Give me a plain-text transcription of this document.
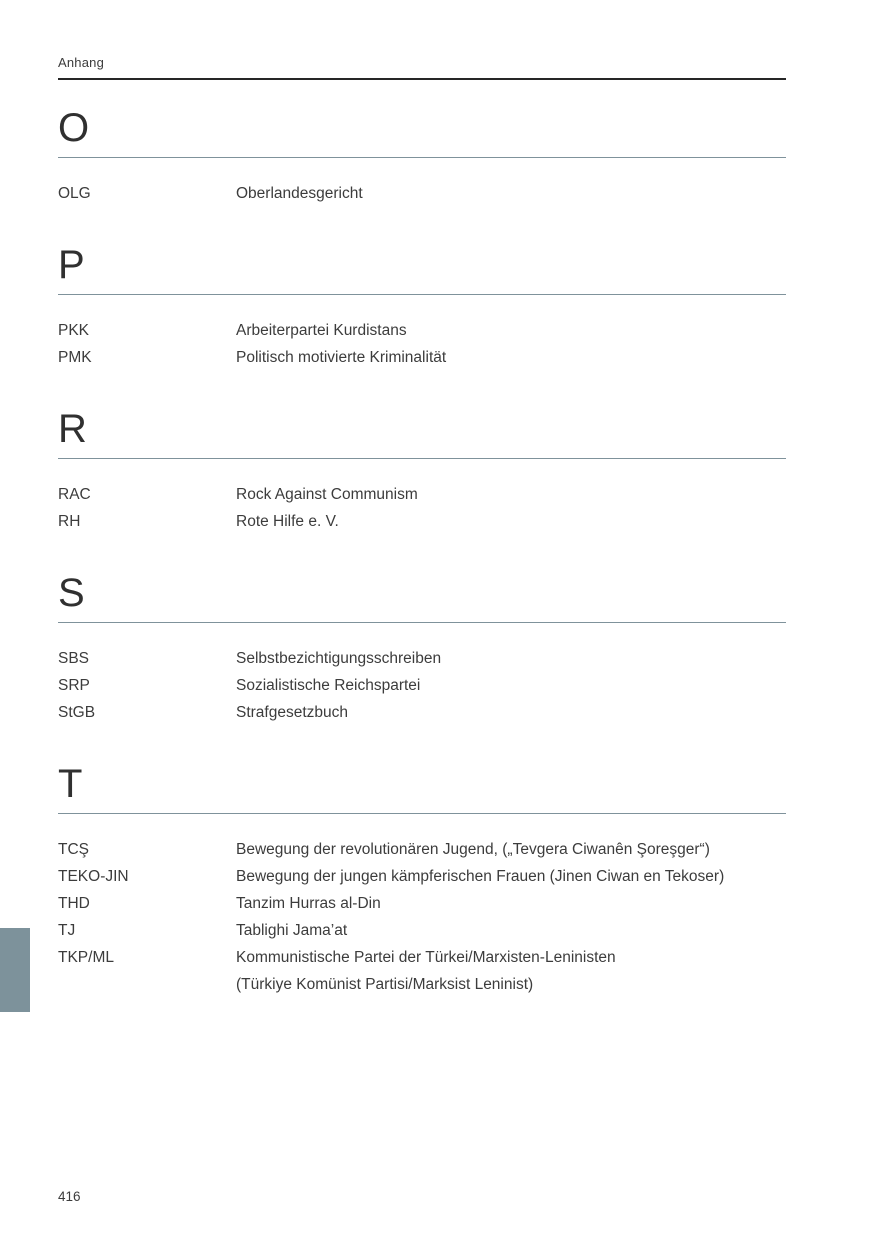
Anhang
O
OLG	Oberlandesgericht
P
PKK	Arbeiterpartei Kurdistans
PMK	Politisch motivierte Kriminalität
R
RAC	Rock Against Communism
RH	Rote Hilfe e. V.
S
SBS	Selbstbezichtigungsschreiben
SRP	Sozialistische Reichspartei
StGB	Strafgesetzbuch
T
TCŞ	Bewegung der revolutionären Jugend, („Tevgera Ciwanên Şoreşger“)
TEKO-JIN	Bewegung der jungen kämpferischen Frauen (Jinen Ciwan en Tekoser)
THD	Tanzim Hurras al-Din
TJ	Tablighi Jama’at
TKP/ML	Kommunistische Partei der Türkei/Marxisten-Leninisten
(Türkiye Komünist Partisi/Marksist Leninist)
416
